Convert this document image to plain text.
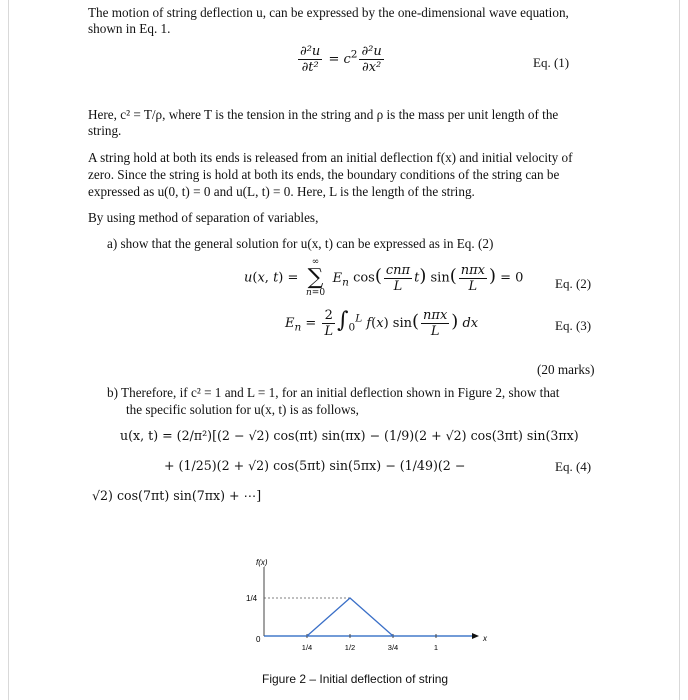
The motion of string deflection u, can be expressed by the one-dimensional wave equation,
shown in Eq. 1.
$\frac{\text{∂²u}}{\text{∂t²}} = c^2 \frac{\text{∂²u}}{\text{∂x²}}$	Eq. (1)
Here, c² = T/ρ, where T is the tension in the string and ρ is the mass per unit length of the
string.
A string hold at both its ends is released from an initial deflection f(x) and initial velocity of
zero. Since the string is hold at both its ends, the boundary conditions of the string can be
expressed as u(0, t) = 0 and u(L, t) = 0. Here, L is the length of the string.
By using method of separation of variables,
a) show that the general solution for u(x, t) can be expressed as in Eq. (2)
u(x, t) =
∞
∑
n=0
$E_n$ $\cos( \frac{\text{cnπ}}{L} t)$ $\sin( \frac{\text{nπx}}{L}$ ) = 0 Eq. (2)
$E_n = \frac{2}{L} \int_0^L$ f(x) $\sin( \frac{\text{nπx}}{L}$ ) dx	Eq. (3)
(20 marks)
b) Therefore, if c² = 1 and L = 1, for an initial deflection shown in Figure 2, show that
the specific solution for u(x, t) is as follows,
u(x, t) = (2/π²)[(2 − √2) cos(πt) sin(πx) − (1/9)(2 + √2) cos(3πt) sin(3πx)
+ (1/25)(2 + √2) cos(5πt) sin(5πx) − (1/49)(2 −
√2) cos(7πt) sin(7πx) + ⋯]
Eq. (4)
f(x)
x
1/4
0
1/4	1/2	3/4	1
Figure 2 – Initial deflection of string
